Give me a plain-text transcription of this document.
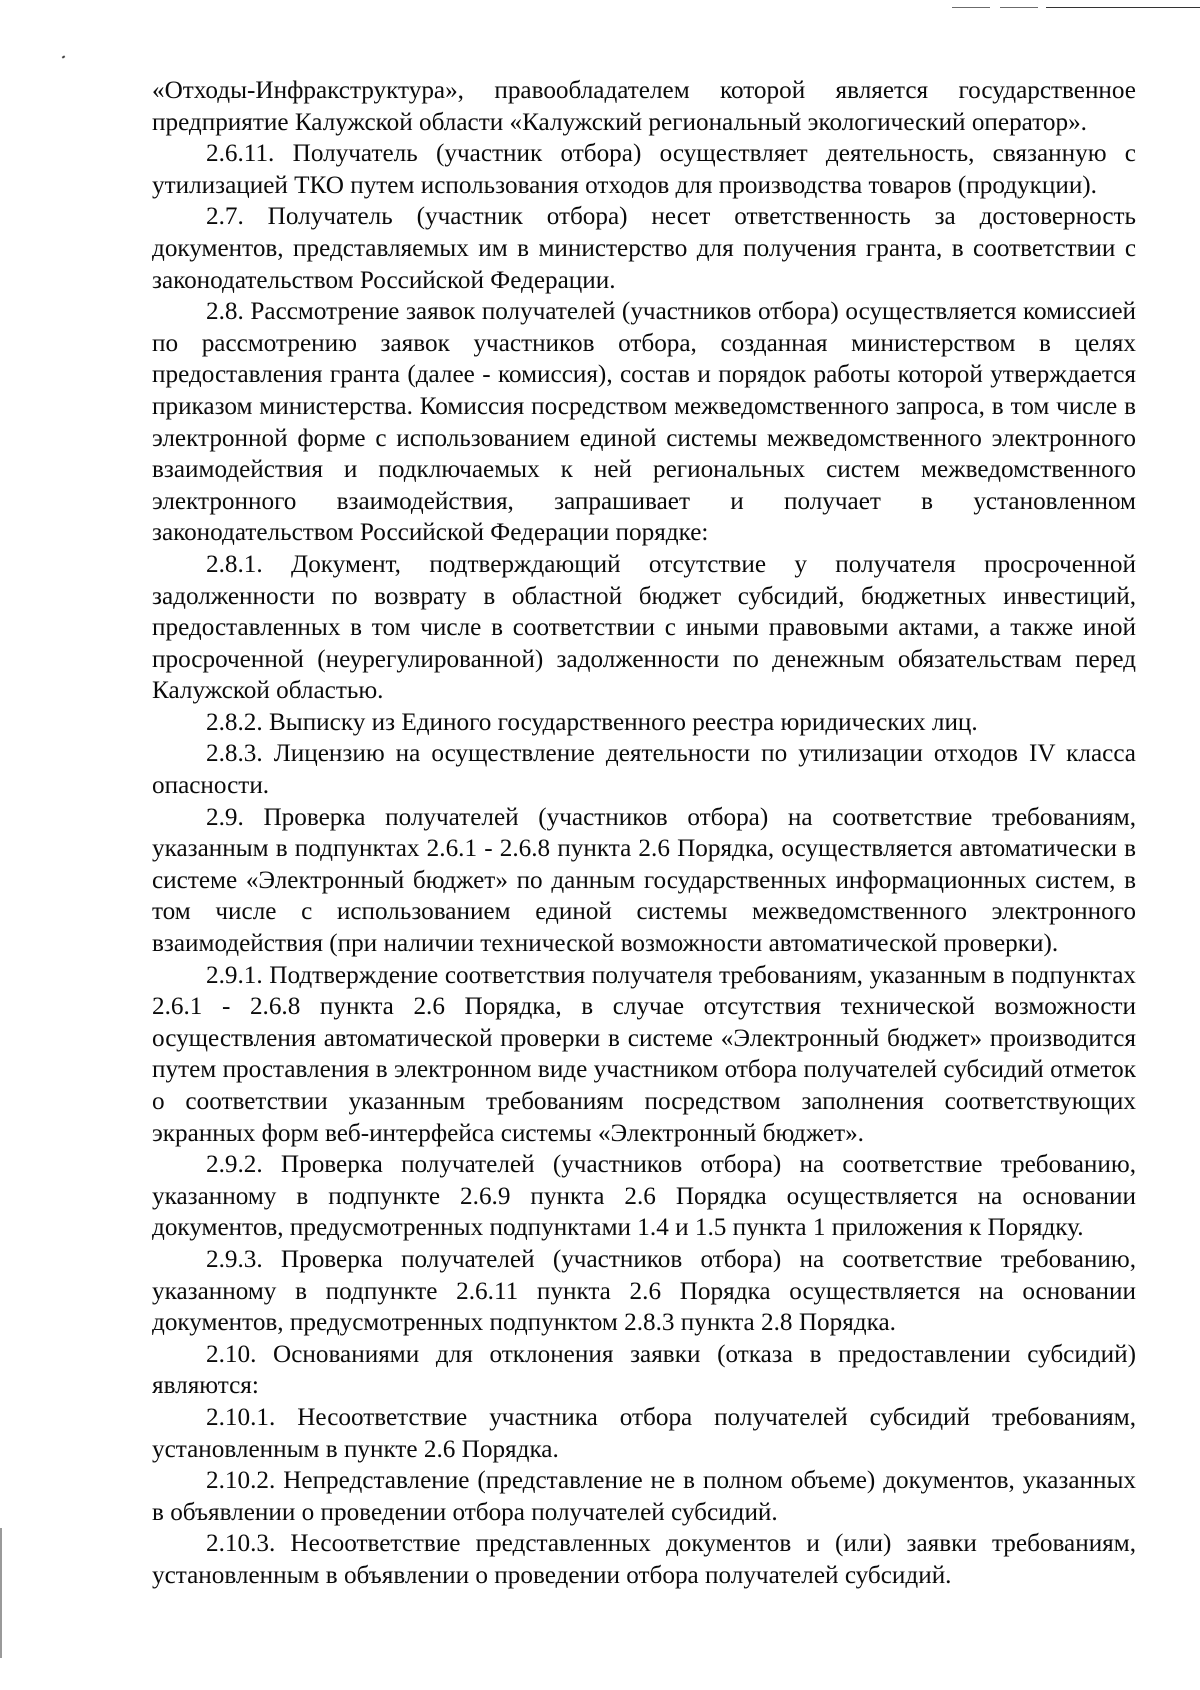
«Отходы-Инфракструктура», правообладателем которой является государственное предприятие Калужской области «Калужский региональный экологический оператор».

2.6.11. Получатель (участник отбора) осуществляет деятельность, связанную с утилизацией ТКО путем использования отходов для производства товаров (продукции).

2.7. Получатель (участник отбора) несет ответственность за достоверность документов, представляемых им в министерство для получения гранта, в соответствии с законодательством Российской Федерации.

2.8. Рассмотрение заявок получателей (участников отбора) осуществляется комиссией по рассмотрению заявок участников отбора, созданная министерством в целях предоставления гранта (далее - комиссия), состав и порядок работы которой утверждается приказом министерства. Комиссия посредством межведомственного запроса, в том числе в электронной форме с использованием единой системы межведомственного электронного взаимодействия и подключаемых к ней региональных систем межведомственного электронного взаимодействия, запрашивает и получает в установленном законодательством Российской Федерации порядке:

2.8.1. Документ, подтверждающий отсутствие у получателя просроченной задолженности по возврату в областной бюджет субсидий, бюджетных инвестиций, предоставленных в том числе в соответствии с иными правовыми актами, а также иной просроченной (неурегулированной) задолженности по денежным обязательствам перед Калужской областью.

2.8.2. Выписку из Единого государственного реестра юридических лиц.

2.8.3. Лицензию на осуществление деятельности по утилизации отходов IV класса опасности.

2.9. Проверка получателей (участников отбора) на соответствие требованиям, указанным в подпунктах 2.6.1 - 2.6.8 пункта 2.6 Порядка, осуществляется автоматически в системе «Электронный бюджет» по данным государственных информационных систем, в том числе с использованием единой системы межведомственного электронного взаимодействия (при наличии технической возможности автоматической проверки).

2.9.1. Подтверждение соответствия получателя требованиям, указанным в подпунктах 2.6.1 - 2.6.8 пункта 2.6 Порядка, в случае отсутствия технической возможности осуществления автоматической проверки в системе «Электронный бюджет» производится путем проставления в электронном виде участником отбора получателей субсидий отметок о соответствии указанным требованиям посредством заполнения соответствующих экранных форм веб-интерфейса системы «Электронный бюджет».

2.9.2. Проверка получателей (участников отбора) на соответствие требованию, указанному в подпункте 2.6.9 пункта 2.6 Порядка осуществляется на основании документов, предусмотренных подпунктами 1.4 и 1.5 пункта 1 приложения к Порядку.

2.9.3. Проверка получателей (участников отбора) на соответствие требованию, указанному в подпункте 2.6.11 пункта 2.6 Порядка осуществляется на основании документов, предусмотренных подпунктом 2.8.3 пункта 2.8 Порядка.

2.10. Основаниями для отклонения заявки (отказа в предоставлении субсидий) являются:

2.10.1. Несоответствие участника отбора получателей субсидий требованиям, установленным в пункте 2.6 Порядка.

2.10.2. Непредставление (представление не в полном объеме) документов, указанных в объявлении о проведении отбора получателей субсидий.

2.10.3. Несоответствие представленных документов и (или) заявки требованиям, установленным в объявлении о проведении отбора получателей субсидий.
